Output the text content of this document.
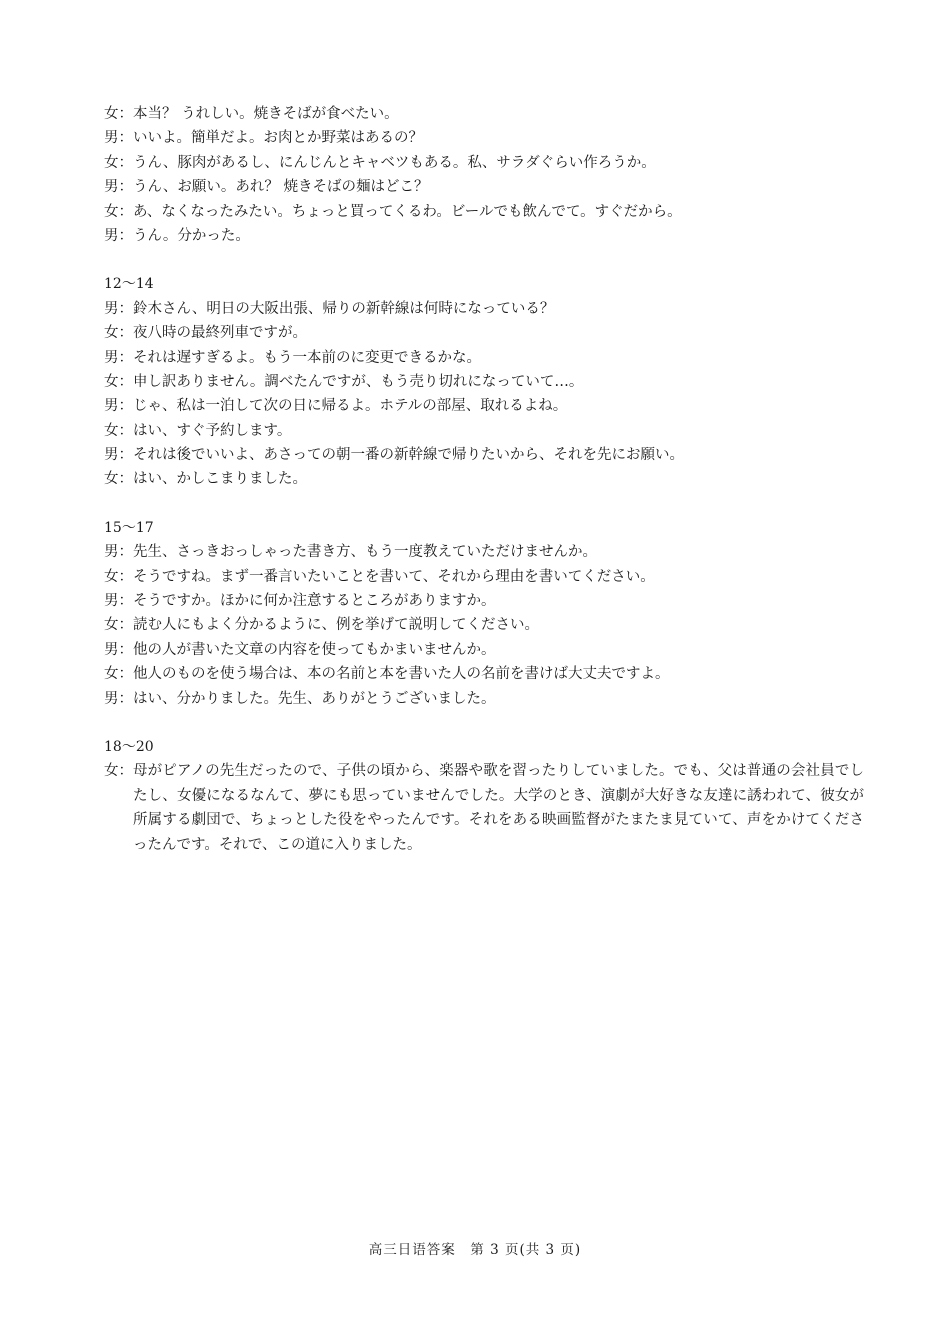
女：本当？ うれしい。焼きそばが食べたい。
男：いいよ。簡単だよ。お肉とか野菜はあるの？
女：うん、豚肉があるし、にんじんとキャベツもある。私、サラダぐらい作ろうか。
男：うん、お願い。あれ？ 焼きそばの麺はどこ？
女：あ、なくなったみたい。ちょっと買ってくるわ。ビールでも飲んでて。すぐだから。
男：うん。分かった。
12～14
男：鈴木さん、明日の大阪出張、帰りの新幹線は何時になっている？
女：夜八時の最終列車ですが。
男：それは遅すぎるよ。もう一本前のに変更できるかな。
女：申し訳ありません。調べたんですが、もう売り切れになっていて…。
男：じゃ、私は一泊して次の日に帰るよ。ホテルの部屋、取れるよね。
女：はい、すぐ予約します。
男：それは後でいいよ、あさっての朝一番の新幹線で帰りたいから、それを先にお願い。
女：はい、かしこまりました。
15～17
男：先生、さっきおっしゃった書き方、もう一度教えていただけませんか。
女：そうですね。まず一番言いたいことを書いて、それから理由を書いてください。
男：そうですか。ほかに何か注意するところがありますか。
女：読む人にもよく分かるように、例を挙げて説明してください。
男：他の人が書いた文章の内容を使ってもかまいませんか。
女：他人のものを使う場合は、本の名前と本を書いた人の名前を書けば大丈夫ですよ。
男：はい、分かりました。先生、ありがとうございました。
18～20
女： 母がピアノの先生だったので、子供の頃から、楽器や歌を習ったりしていました。でも、父は普通の会社員でしたし、女優になるなんて、夢にも思っていませんでした。大学のとき、演劇が大好きな友達に誘われて、彼女が所属する劇団で、ちょっとした役をやったんです。それをある映画監督がたまたま見ていて、声をかけてくださったんです。それで、この道に入りました。
高三日语答案　第 3 页(共 3 页)
